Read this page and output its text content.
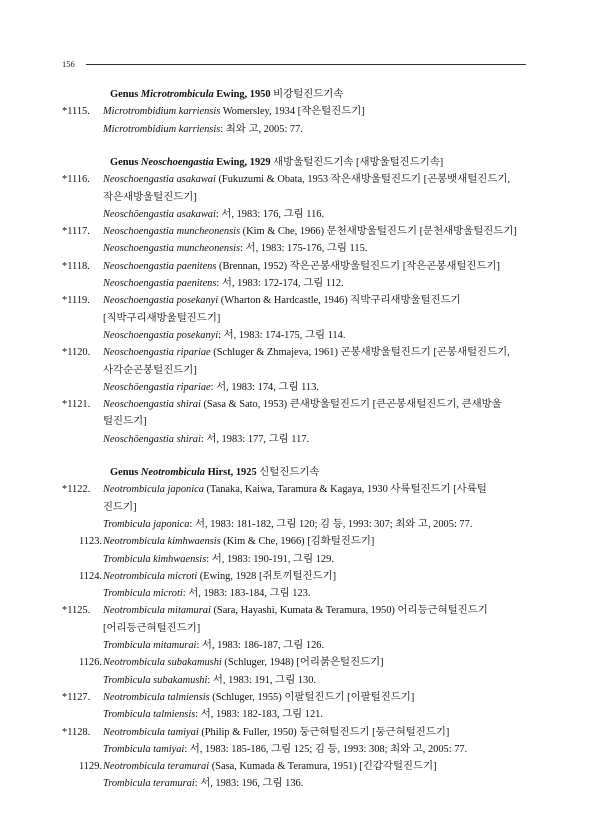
156
Genus Microtrombicula Ewing, 1950 비강털진드기속
*1115.	Microtrombidium karriensis Womersley, 1934 [작은털진드기]
Microtrombidium karriensis: 최와 고, 2005: 77.
Genus Neoschoengastia Ewing, 1929 새방울털진드기속 [새방울털진드기속]
*1116.	Neoschoengastia asakawai (Fukuzumi & Obata, 1953 작은새방울털진드기 [곤봉뱃새털진드기,
작은새방울털진드기]
Neoschöengastia asakawai: 서, 1983: 176, 그림 116.
*1117.	Neoschoengastia muncheonensis (Kim & Che, 1966) 문천새방울털진드기 [문천새방울털진드기]
Neoschoengastia muncheonensis: 서, 1983: 175-176, 그림 115.
*1118.	Neoschoengastia paenitens (Brennan, 1952) 작은곤봉새방울털진드기 [작은곤봉새털진드기]
Neoschoengastia paenitens: 서, 1983: 172-174, 그림 112.
*1119.	Neoschoengastia posekanyi (Wharton & Hardcastle, 1946) 직박구리새방울털진드기
[직박구리새방울털진드기]
Neoschoengastia posekanyi: 서, 1983: 174-175, 그림 114.
*1120.	Neoschoengastia ripariae (Schluger & Zhmajeva, 1961) 곤봉새방울털진드기 [곤봉새털진드기,
사각순곤봉털진드기]
Neoschöengastia ripariae: 서, 1983: 174, 그림 113.
*1121.	Neoschoengastia shirai (Sasa & Sato, 1953) 큰새방울털진드기 [큰곤봉새털진드기, 큰새방울
털진드기]
Neoschöengastia shirai: 서, 1983: 177, 그림 117.
Genus Neotrombicula Hirst, 1925 신털진드기속
*1122.	Neotrombicula japonica (Tanaka, Kaiwa, Taramura & Kagaya, 1930 사륙털진드기 [사륙털
진드기]
Trombicula japonica: 서, 1983: 181-182, 그림 120; 김 등, 1993: 307; 최와 고, 2005: 77.
1123. Neotrombicula kimhwaensis (Kim & Che, 1966) [김화털진드기]
Trombicula kimhwaensis: 서, 1983: 190-191, 그림 129.
1124. Neotrombicula microti (Ewing, 1928 [쥐토끼털진드기]
Trombicula microti: 서, 1983: 183-184, 그림 123.
*1125.	Neotrombicula mitamurai (Sara, Hayashi, Kumata & Teramura, 1950) 어리등근혀털진드기
[어리등근혀털진드기]
Trombicula mitamurai: 서, 1983: 186-187, 그림 126.
1126. Neotrombicula subakamushi (Schluger, 1948) [어리붉은털진드기]
Trombicula subakamushi: 서, 1983: 191, 그림 130.
*1127.	Neotrombicula talmiensis (Schluger, 1955) 이팔털진드기 [이팔털진드기]
Trombicula talmiensis: 서, 1983: 182-183, 그림 121.
*1128.	Neotrombicula tamiyai (Philip & Fuller, 1950) 둥근혀털진드기 [둥근혀털진드기]
Trombicula tamiyai: 서, 1983: 185-186, 그림 125; 김 등, 1993: 308; 최와 고, 2005: 77.
1129. Neotrombicula teramurai (Sasa, Kumada & Teramura, 1951) [긴갑각털진드기]
Trombicula teramurai: 서, 1983: 196, 그림 136.
